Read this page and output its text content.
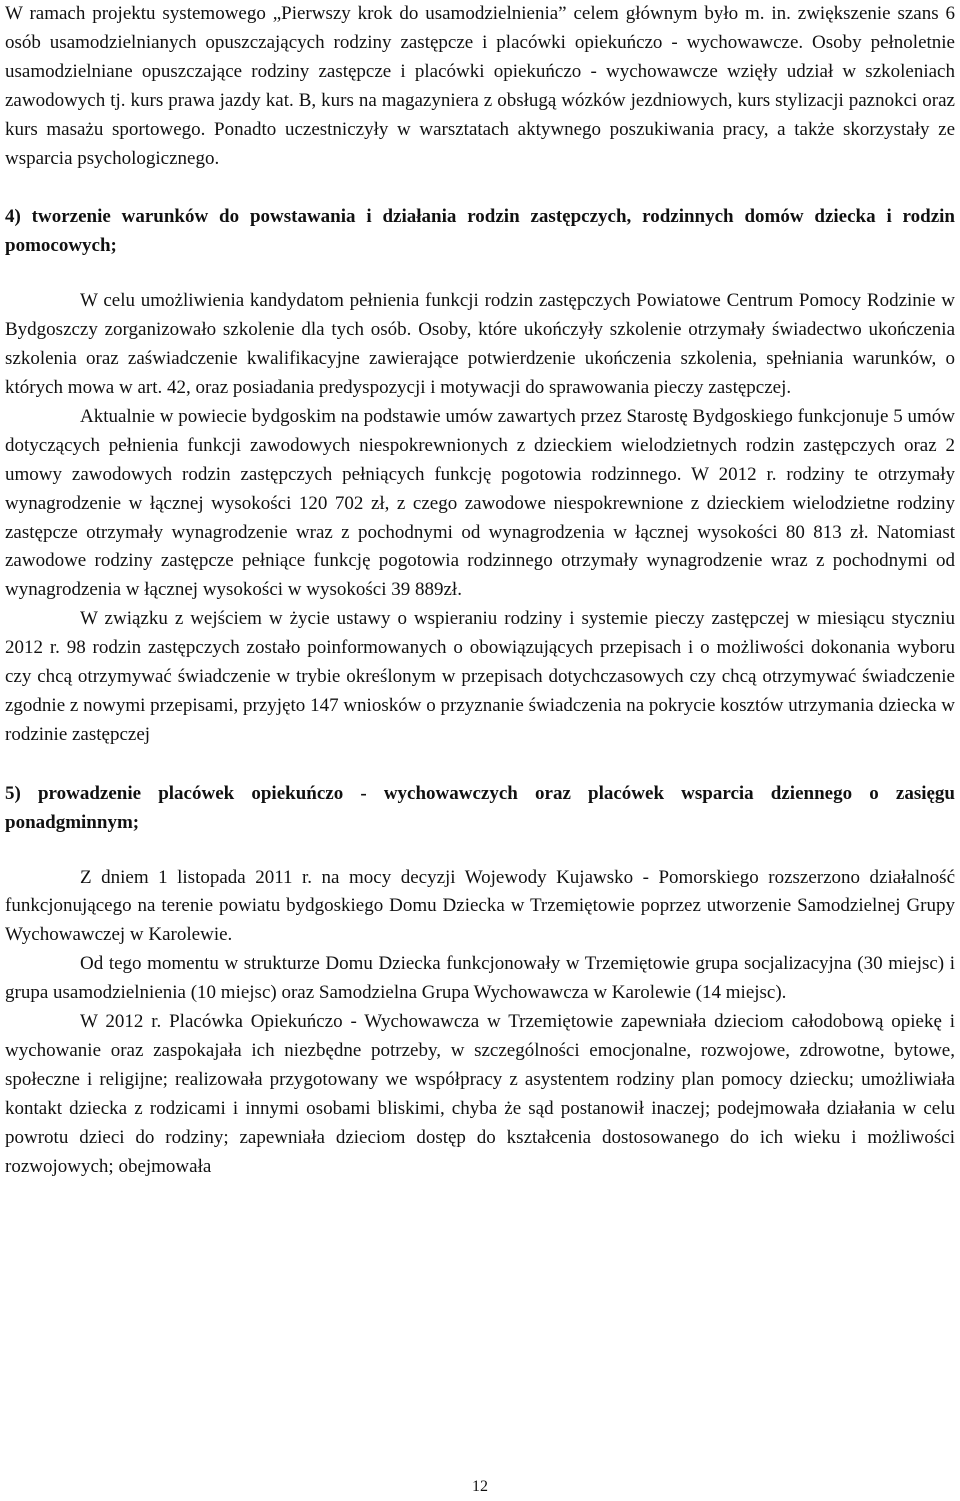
W ramach projektu systemowego „Pierwszy krok do usamodzielnienia” celem głównym było m. in. zwiększenie szans 6 osób usamodzielnianych opuszczających rodziny zastępcze i placówki opiekuńczo - wychowawcze. Osoby pełnoletnie usamodzielniane opuszczające rodziny zastępcze i placówki opiekuńczo - wychowawcze wzięły udział w szkoleniach zawodowych tj. kurs prawa jazdy kat. B, kurs na magazyniera z obsługą wózków jezdniowych, kurs stylizacji paznokci oraz kurs masażu sportowego. Ponadto uczestniczyły w warsztatach aktywnego poszukiwania pracy, a także skorzystały ze wsparcia psychologicznego.

4) tworzenie warunków do powstawania i działania rodzin zastępczych, rodzinnych domów dziecka i rodzin pomocowych;

W celu umożliwienia kandydatom pełnienia funkcji rodzin zastępczych Powiatowe Centrum Pomocy Rodzinie w Bydgoszczy zorganizowało szkolenie dla tych osób. Osoby, które ukończyły szkolenie otrzymały świadectwo ukończenia szkolenia oraz zaświadczenie kwalifikacyjne zawierające potwierdzenie ukończenia szkolenia, spełniania warunków, o których mowa w art. 42, oraz posiadania predyspozycji i motywacji do sprawowania pieczy zastępczej.

Aktualnie w powiecie bydgoskim na podstawie umów zawartych przez Starostę Bydgoskiego funkcjonuje 5 umów dotyczących pełnienia funkcji zawodowych niespokrewnionych z dzieckiem wielodzietnych rodzin zastępczych oraz 2 umowy zawodowych rodzin zastępczych pełniących funkcję pogotowia rodzinnego. W 2012 r. rodziny te otrzymały wynagrodzenie w łącznej wysokości 120 702 zł, z czego zawodowe niespokrewnione z dzieckiem wielodzietne rodziny zastępcze otrzymały wynagrodzenie wraz z pochodnymi od wynagrodzenia w łącznej wysokości 80 813 zł. Natomiast zawodowe rodziny zastępcze pełniące funkcję pogotowia rodzinnego otrzymały wynagrodzenie wraz z pochodnymi od wynagrodzenia w łącznej wysokości w wysokości 39 889zł.

W związku z wejściem w życie ustawy o wspieraniu rodziny i systemie pieczy zastępczej w miesiącu styczniu 2012 r. 98 rodzin zastępczych zostało poinformowanych o obowiązujących przepisach i o możliwości dokonania wyboru czy chcą otrzymywać świadczenie w trybie określonym w przepisach dotychczasowych czy chcą otrzymywać świadczenie zgodnie z nowymi przepisami, przyjęto 147 wniosków o przyznanie świadczenia na pokrycie kosztów utrzymania dziecka w rodzinie zastępczej

5) prowadzenie placówek opiekuńczo - wychowawczych oraz placówek wsparcia dziennego o zasięgu ponadgminnym;

Z dniem 1 listopada 2011 r. na mocy decyzji Wojewody Kujawsko - Pomorskiego rozszerzono działalność funkcjonującego na terenie powiatu bydgoskiego Domu Dziecka w Trzemiętowie poprzez utworzenie Samodzielnej Grupy Wychowawczej w Karolewie.

Od tego momentu w strukturze Domu Dziecka funkcjonowały w Trzemiętowie grupa socjalizacyjna (30 miejsc) i grupa usamodzielnienia (10 miejsc) oraz Samodzielna Grupa Wychowawcza w Karolewie (14 miejsc).

W 2012 r. Placówka Opiekuńczo - Wychowawcza w Trzemiętowie zapewniała dzieciom całodobową opiekę i wychowanie oraz zaspokajała ich niezbędne potrzeby, w szczególności emocjonalne, rozwojowe, zdrowotne, bytowe, społeczne i religijne; realizowała przygotowany we współpracy z asystentem rodziny plan pomocy dziecku; umożliwiała kontakt dziecka z rodzicami i innymi osobami bliskimi, chyba że sąd postanowił inaczej; podejmowała działania w celu powrotu dzieci do rodziny; zapewniała dzieciom dostęp do kształcenia dostosowanego do ich wieku i możliwości rozwojowych; obejmowała

12
